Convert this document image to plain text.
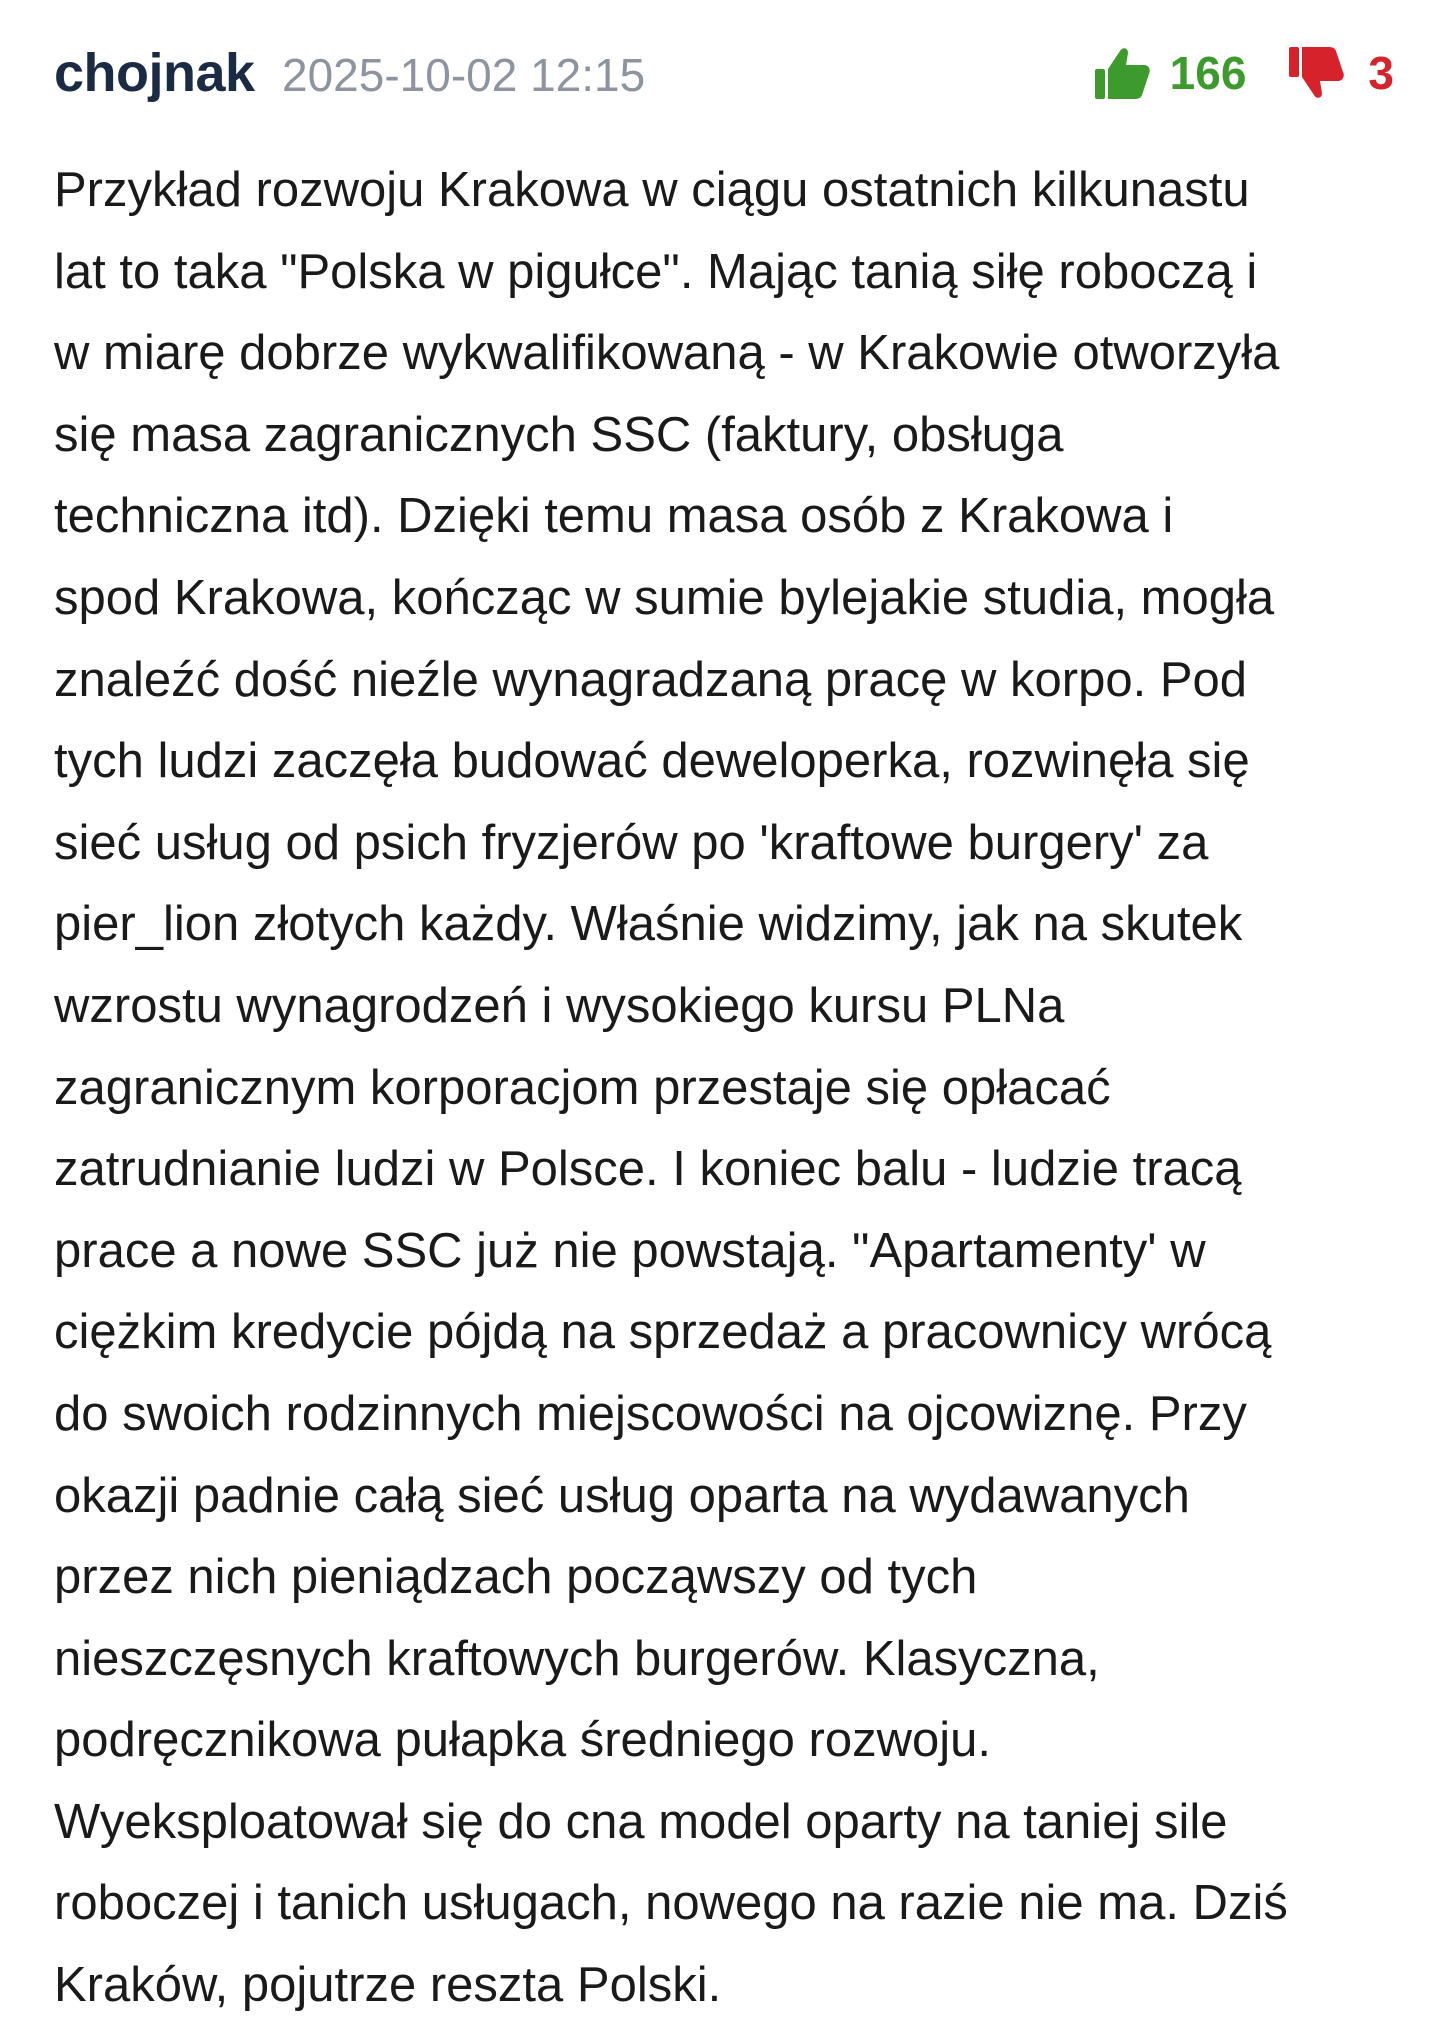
chojnak 2025-10-02 12:15	166	3

Przykład rozwoju Krakowa w ciągu ostatnich kilkunastu
lat to taka "Polska w pigułce". Mając tanią siłę roboczą i
w miarę dobrze wykwalifikowaną - w Krakowie otworzyła
się masa zagranicznych SSC (faktury, obsługa
techniczna itd). Dzięki temu masa osób z Krakowa i
spod Krakowa, kończąc w sumie bylejakie studia, mogła
znaleźć dość nieźle wynagradzaną pracę w korpo. Pod
tych ludzi zaczęła budować deweloperka, rozwinęła się
sieć usług od psich fryzjerów po 'kraftowe burgery' za
pier_lion złotych każdy. Właśnie widzimy, jak na skutek
wzrostu wynagrodzeń i wysokiego kursu PLNa
zagranicznym korporacjom przestaje się opłacać
zatrudnianie ludzi w Polsce. I koniec balu - ludzie tracą
prace a nowe SSC już nie powstają. "Apartamenty' w
ciężkim kredycie pójdą na sprzedaż a pracownicy wrócą
do swoich rodzinnych miejscowości na ojcowiznę. Przy
okazji padnie całą sieć usług oparta na wydawanych
przez nich pieniądzach począwszy od tych
nieszczęsnych kraftowych burgerów. Klasyczna,
podręcznikowa pułapka średniego rozwoju.
Wyeksploatował się do cna model oparty na taniej sile
roboczej i tanich usługach, nowego na razie nie ma. Dziś
Kraków, pojutrze reszta Polski.
